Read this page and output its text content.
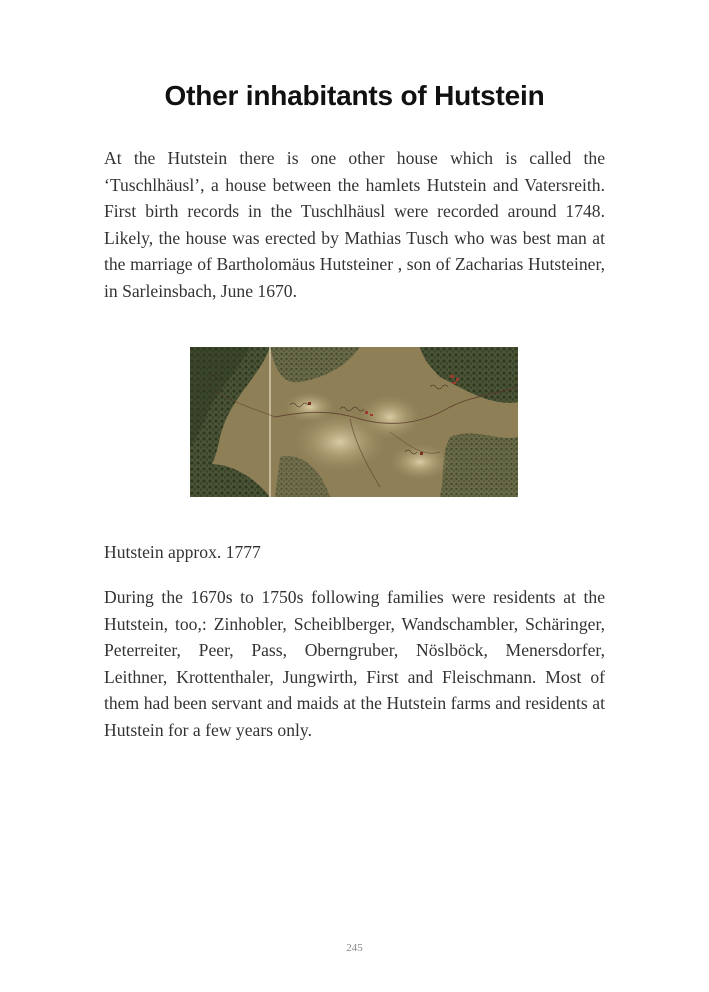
Other inhabitants of Hutstein

At the Hutstein there is one other house which is called the ‘Tuschlhäusl’, a house between the hamlets Hutstein and Vatersreith. First birth records in the Tuschlhäusl were recorded around 1748. Likely, the house was erected by Mathias Tusch who was best man at the marriage of Bartholomäus Hutsteiner , son of Zacharias Hutsteiner, in Sarleinsbach, June 1670.

Hutstein approx. 1777

During the 1670s to 1750s following families were residents at the Hutstein, too,: Zinhobler, Scheiblberger, Wandschambler, Schäringer, Peterreiter, Peer, Pass, Oberngruber, Nöslböck, Menersdorfer, Leithner, Krottenthaler, Jungwirth, First and Fleischmann. Most of them had been servant and maids at the Hutstein farms and residents at Hutstein for a few years only.

245
